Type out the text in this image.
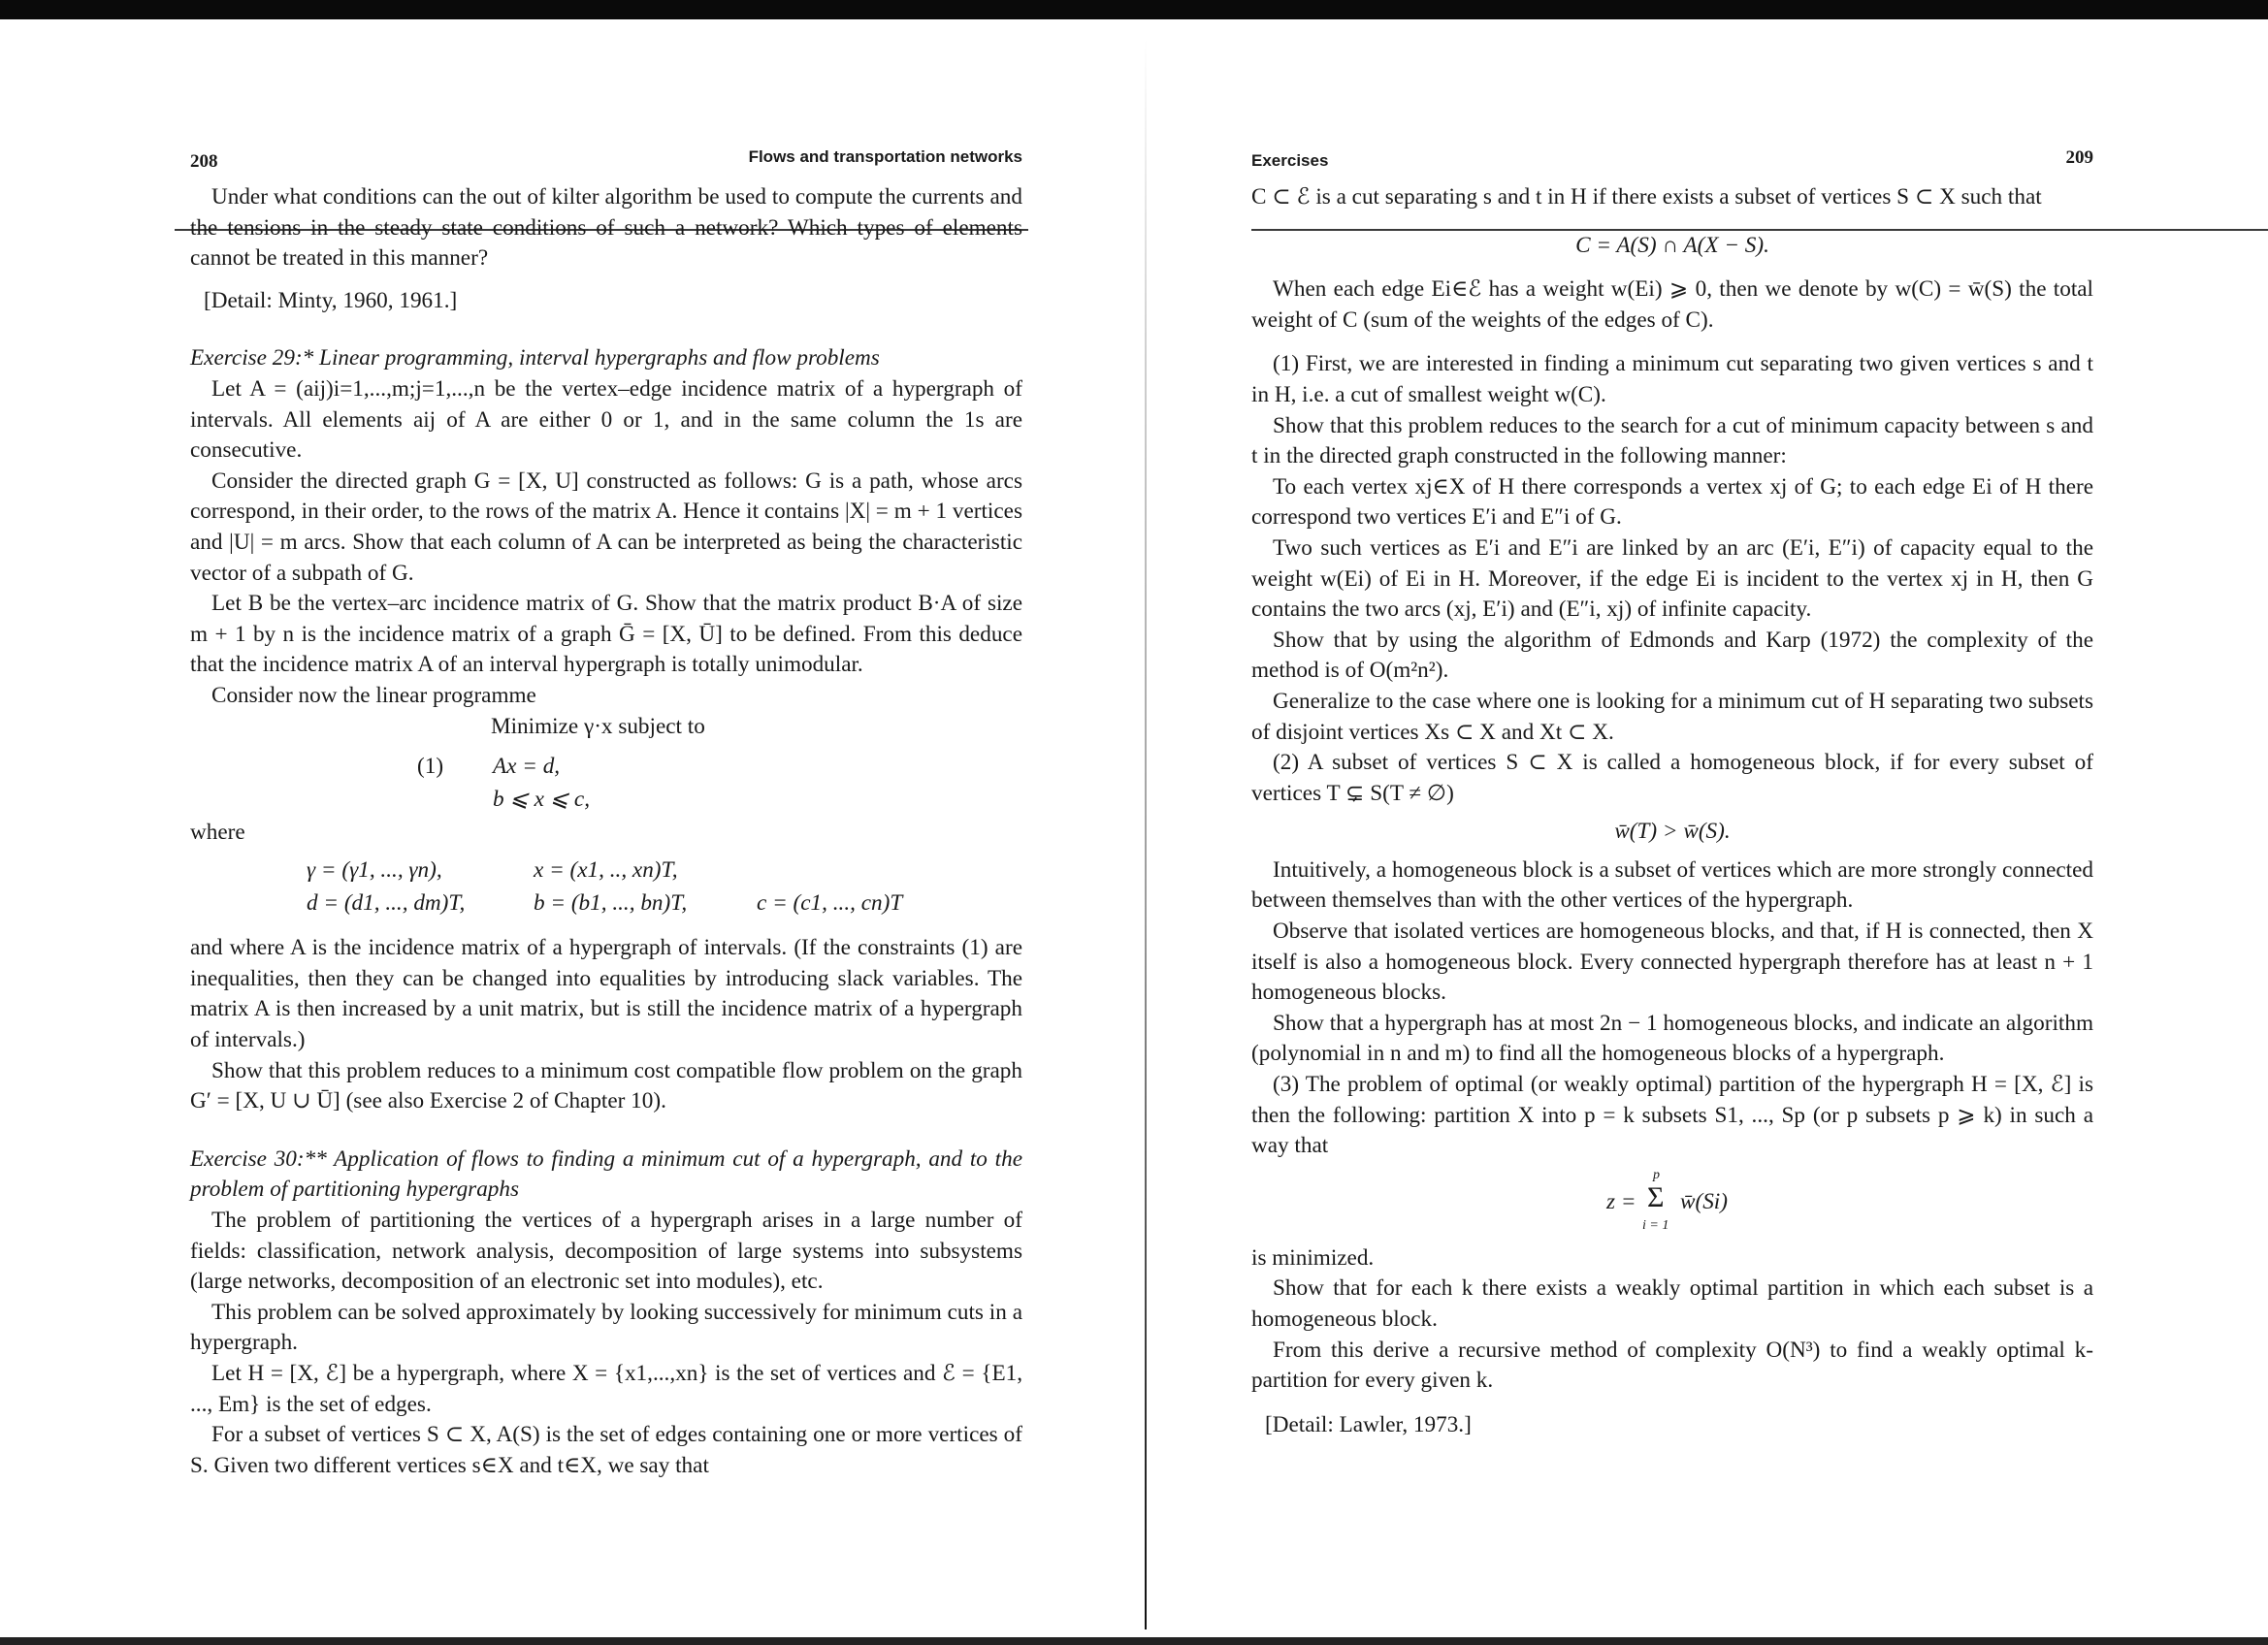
208	Flows and transportation networks

Under what conditions can the out of kilter algorithm be used to compute the currents and the tensions in the steady state conditions of such a network? Which types of elements cannot be treated in this manner?

[Detail: Minty, 1960, 1961.]

Exercise 29:* Linear programming, interval hypergraphs and flow problems

Let A = (aij)i=1,...,m;j=1,...,n be the vertex–edge incidence matrix of a hypergraph of intervals. All elements aij of A are either 0 or 1, and in the same column the 1s are consecutive.

Consider the directed graph G = [X, U] constructed as follows: G is a path, whose arcs correspond, in their order, to the rows of the matrix A. Hence it contains |X| = m + 1 vertices and |U| = m arcs. Show that each column of A can be interpreted as being the characteristic vector of a subpath of G.

Let B be the vertex–arc incidence matrix of G. Show that the matrix product B·A of size m + 1 by n is the incidence matrix of a graph Ḡ = [X, Ū] to be defined. From this deduce that the incidence matrix A of an interval hypergraph is totally unimodular.

Consider now the linear programme

Minimize γ·x subject to
(1) Ax = d,
b ⩽ x ⩽ c,

where

γ = (γ1, ..., γn),	x = (x1, .., xn)T,
d = (d1, ..., dm)T,	b = (b1, ..., bn)T,	c = (c1, ..., cn)T

and where A is the incidence matrix of a hypergraph of intervals. (If the constraints (1) are inequalities, then they can be changed into equalities by introducing slack variables. The matrix A is then increased by a unit matrix, but is still the incidence matrix of a hypergraph of intervals.)

Show that this problem reduces to a minimum cost compatible flow problem on the graph G′ = [X, U ∪ Ū] (see also Exercise 2 of Chapter 10).

Exercise 30:** Application of flows to finding a minimum cut of a hypergraph, and to the problem of partitioning hypergraphs

The problem of partitioning the vertices of a hypergraph arises in a large number of fields: classification, network analysis, decomposition of large systems into subsystems (large networks, decomposition of an electronic set into modules), etc.

This problem can be solved approximately by looking successively for minimum cuts in a hypergraph.

Let H = [X, ℰ] be a hypergraph, where X = {x1,...,xn} is the set of vertices and ℰ = {E1, ..., Em} is the set of edges.

For a subset of vertices S ⊂ X, A(S) is the set of edges containing one or more vertices of S. Given two different vertices s∈X and t∈X, we say that

Exercises	209

C ⊂ ℰ is a cut separating s and t in H if there exists a subset of vertices S ⊂ X such that

C = A(S) ∩ A(X − S).

When each edge Ei∈ℰ has a weight w(Ei) ⩾ 0, then we denote by w(C) = w̄(S) the total weight of C (sum of the weights of the edges of C).

(1) First, we are interested in finding a minimum cut separating two given vertices s and t in H, i.e. a cut of smallest weight w(C).

Show that this problem reduces to the search for a cut of minimum capacity between s and t in the directed graph constructed in the following manner:

To each vertex xj∈X of H there corresponds a vertex xj of G; to each edge Ei of H there correspond two vertices E′i and E″i of G.

Two such vertices as E′i and E″i are linked by an arc (E′i, E″i) of capacity equal to the weight w(Ei) of Ei in H. Moreover, if the edge Ei is incident to the vertex xj in H, then G contains the two arcs (xj, E′i) and (E″i, xj) of infinite capacity.

Show that by using the algorithm of Edmonds and Karp (1972) the complexity of the method is of O(m²n²).

Generalize to the case where one is looking for a minimum cut of H separating two subsets of disjoint vertices Xs ⊂ X and Xt ⊂ X.

(2) A subset of vertices S ⊂ X is called a homogeneous block, if for every subset of vertices T ⊊ S(T ≠ ∅)

w̄(T) > w̄(S).

Intuitively, a homogeneous block is a subset of vertices which are more strongly connected between themselves than with the other vertices of the hypergraph.

Observe that isolated vertices are homogeneous blocks, and that, if H is connected, then X itself is also a homogeneous block. Every connected hypergraph therefore has at least n + 1 homogeneous blocks.

Show that a hypergraph has at most 2n − 1 homogeneous blocks, and indicate an algorithm (polynomial in n and m) to find all the homogeneous blocks of a hypergraph.

(3) The problem of optimal (or weakly optimal) partition of the hypergraph H = [X, ℰ] is then the following: partition X into p = k subsets S1, ..., Sp (or p subsets p ⩾ k) in such a way that

z =
p
Σ
i = 1
w̄(Si)

is minimized.

Show that for each k there exists a weakly optimal partition in which each subset is a homogeneous block.

From this derive a recursive method of complexity O(N³) to find a weakly optimal k-partition for every given k.

[Detail: Lawler, 1973.]
